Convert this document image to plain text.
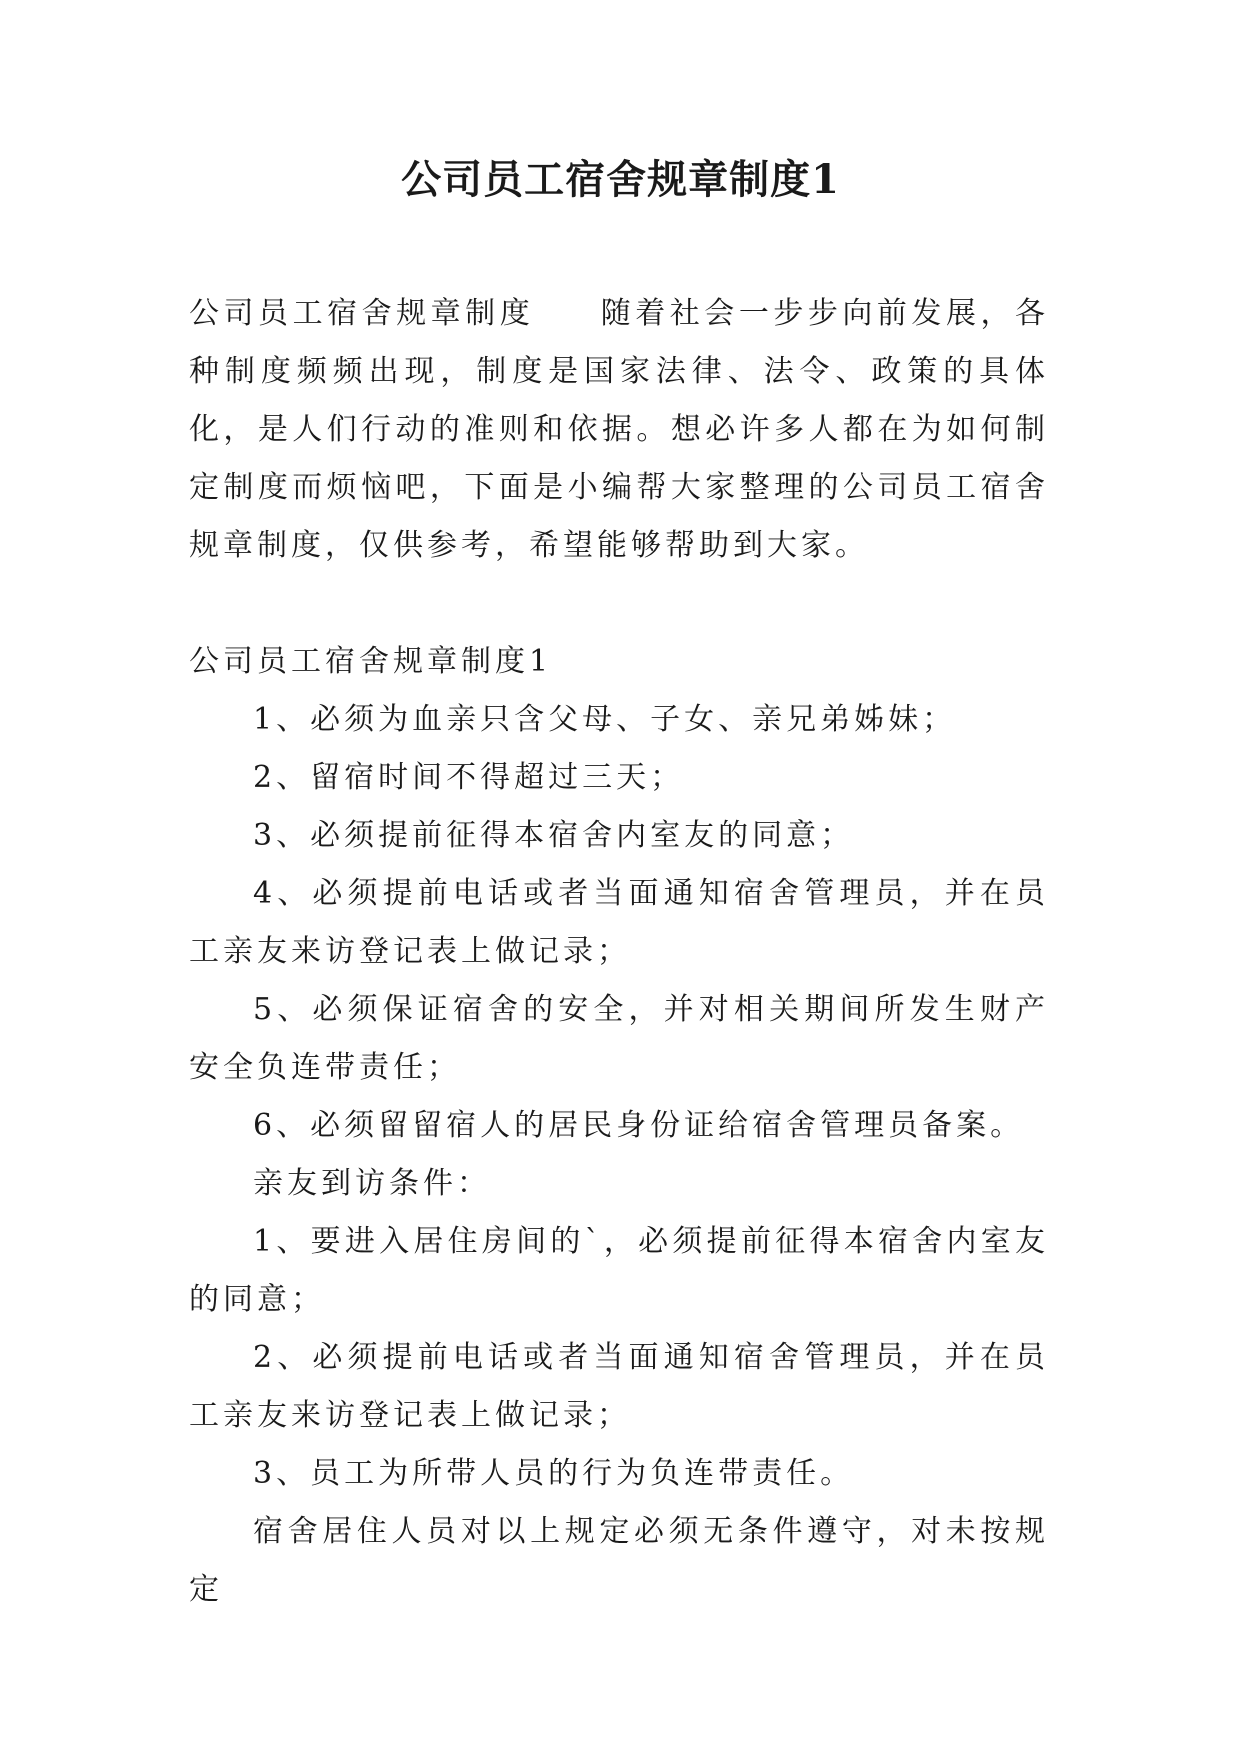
公司员工宿舍规章制度1

公司员工宿舍规章制度 随着社会一步步向前发展，各种制度频频出现，制度是国家法律、法令、政策的具体化，是人们行动的准则和依据。想必许多人都在为如何制定制度而烦恼吧，下面是小编帮大家整理的公司员工宿舍规章制度，仅供参考，希望能够帮助到大家。

公司员工宿舍规章制度1

1、必须为血亲只含父母、子女、亲兄弟姊妹；

2、留宿时间不得超过三天；

3、必须提前征得本宿舍内室友的同意；

4、必须提前电话或者当面通知宿舍管理员，并在员工亲友来访登记表上做记录；

5、必须保证宿舍的安全，并对相关期间所发生财产安全负连带责任；

6、必须留留宿人的居民身份证给宿舍管理员备案。

亲友到访条件：

1、要进入居住房间的`，必须提前征得本宿舍内室友的同意；

2、必须提前电话或者当面通知宿舍管理员，并在员工亲友来访登记表上做记录；

3、员工为所带人员的行为负连带责任。

宿舍居住人员对以上规定必须无条件遵守，对未按规定
